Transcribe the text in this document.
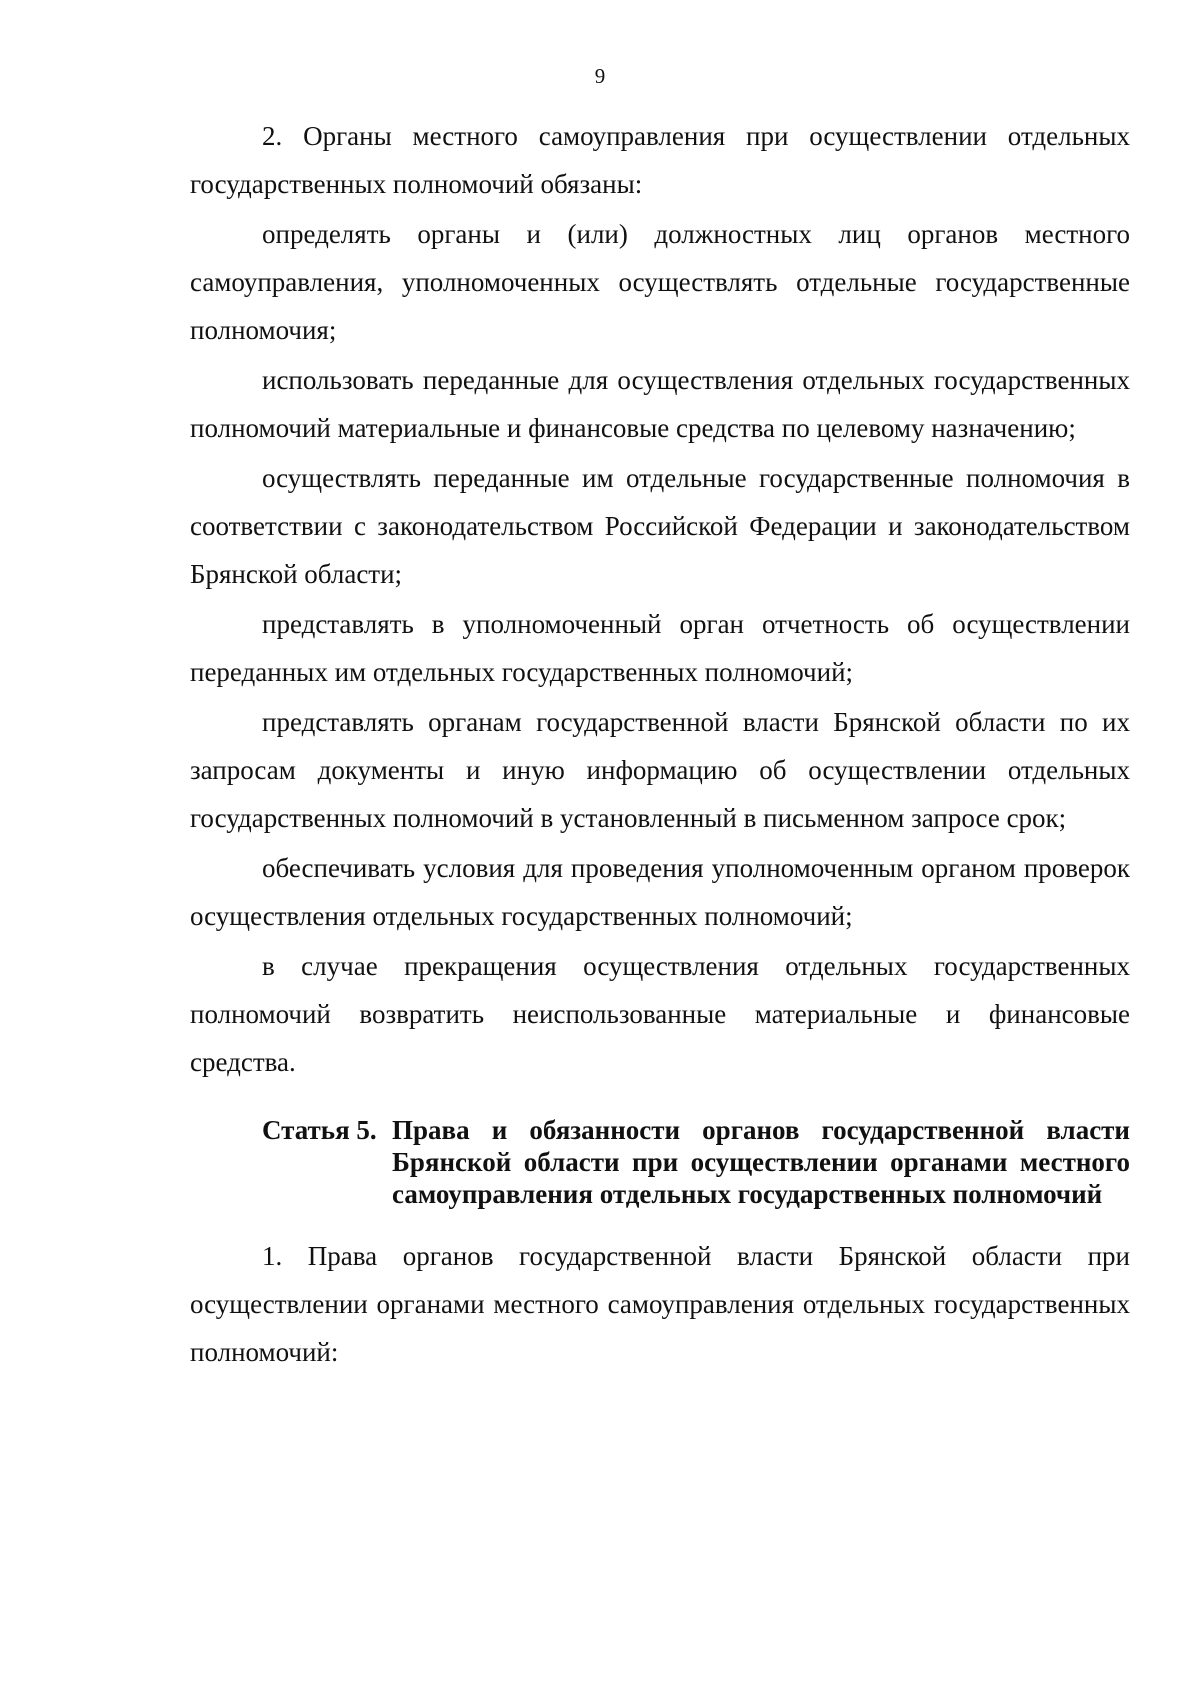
9

2. Органы местного самоуправления при осуществлении отдельных государственных полномочий обязаны:

определять органы и (или) должностных лиц органов местного самоуправления, уполномоченных осуществлять отдельные государственные полномочия;

использовать переданные для осуществления отдельных государственных полномочий материальные и финансовые средства по целевому назначению;

осуществлять переданные им отдельные государственные полномочия в соответствии с законодательством Российской Федерации и законодательством Брянской области;

представлять в уполномоченный орган отчетность об осуществлении переданных им отдельных государственных полномочий;

представлять органам государственной власти Брянской области по их запросам документы и иную информацию об осуществлении отдельных государственных полномочий в установленный в письменном запросе срок;

обеспечивать условия для проведения уполномоченным органом проверок осуществления отдельных государственных полномочий;

в случае прекращения осуществления отдельных государственных полномочий возвратить неиспользованные материальные и финансовые средства.

Статья 5. Права и обязанности органов государственной власти Брянской области при осуществлении органами местного самоуправления отдельных государственных полномочий

1. Права органов государственной власти Брянской области при осуществлении органами местного самоуправления отдельных государственных полномочий:
